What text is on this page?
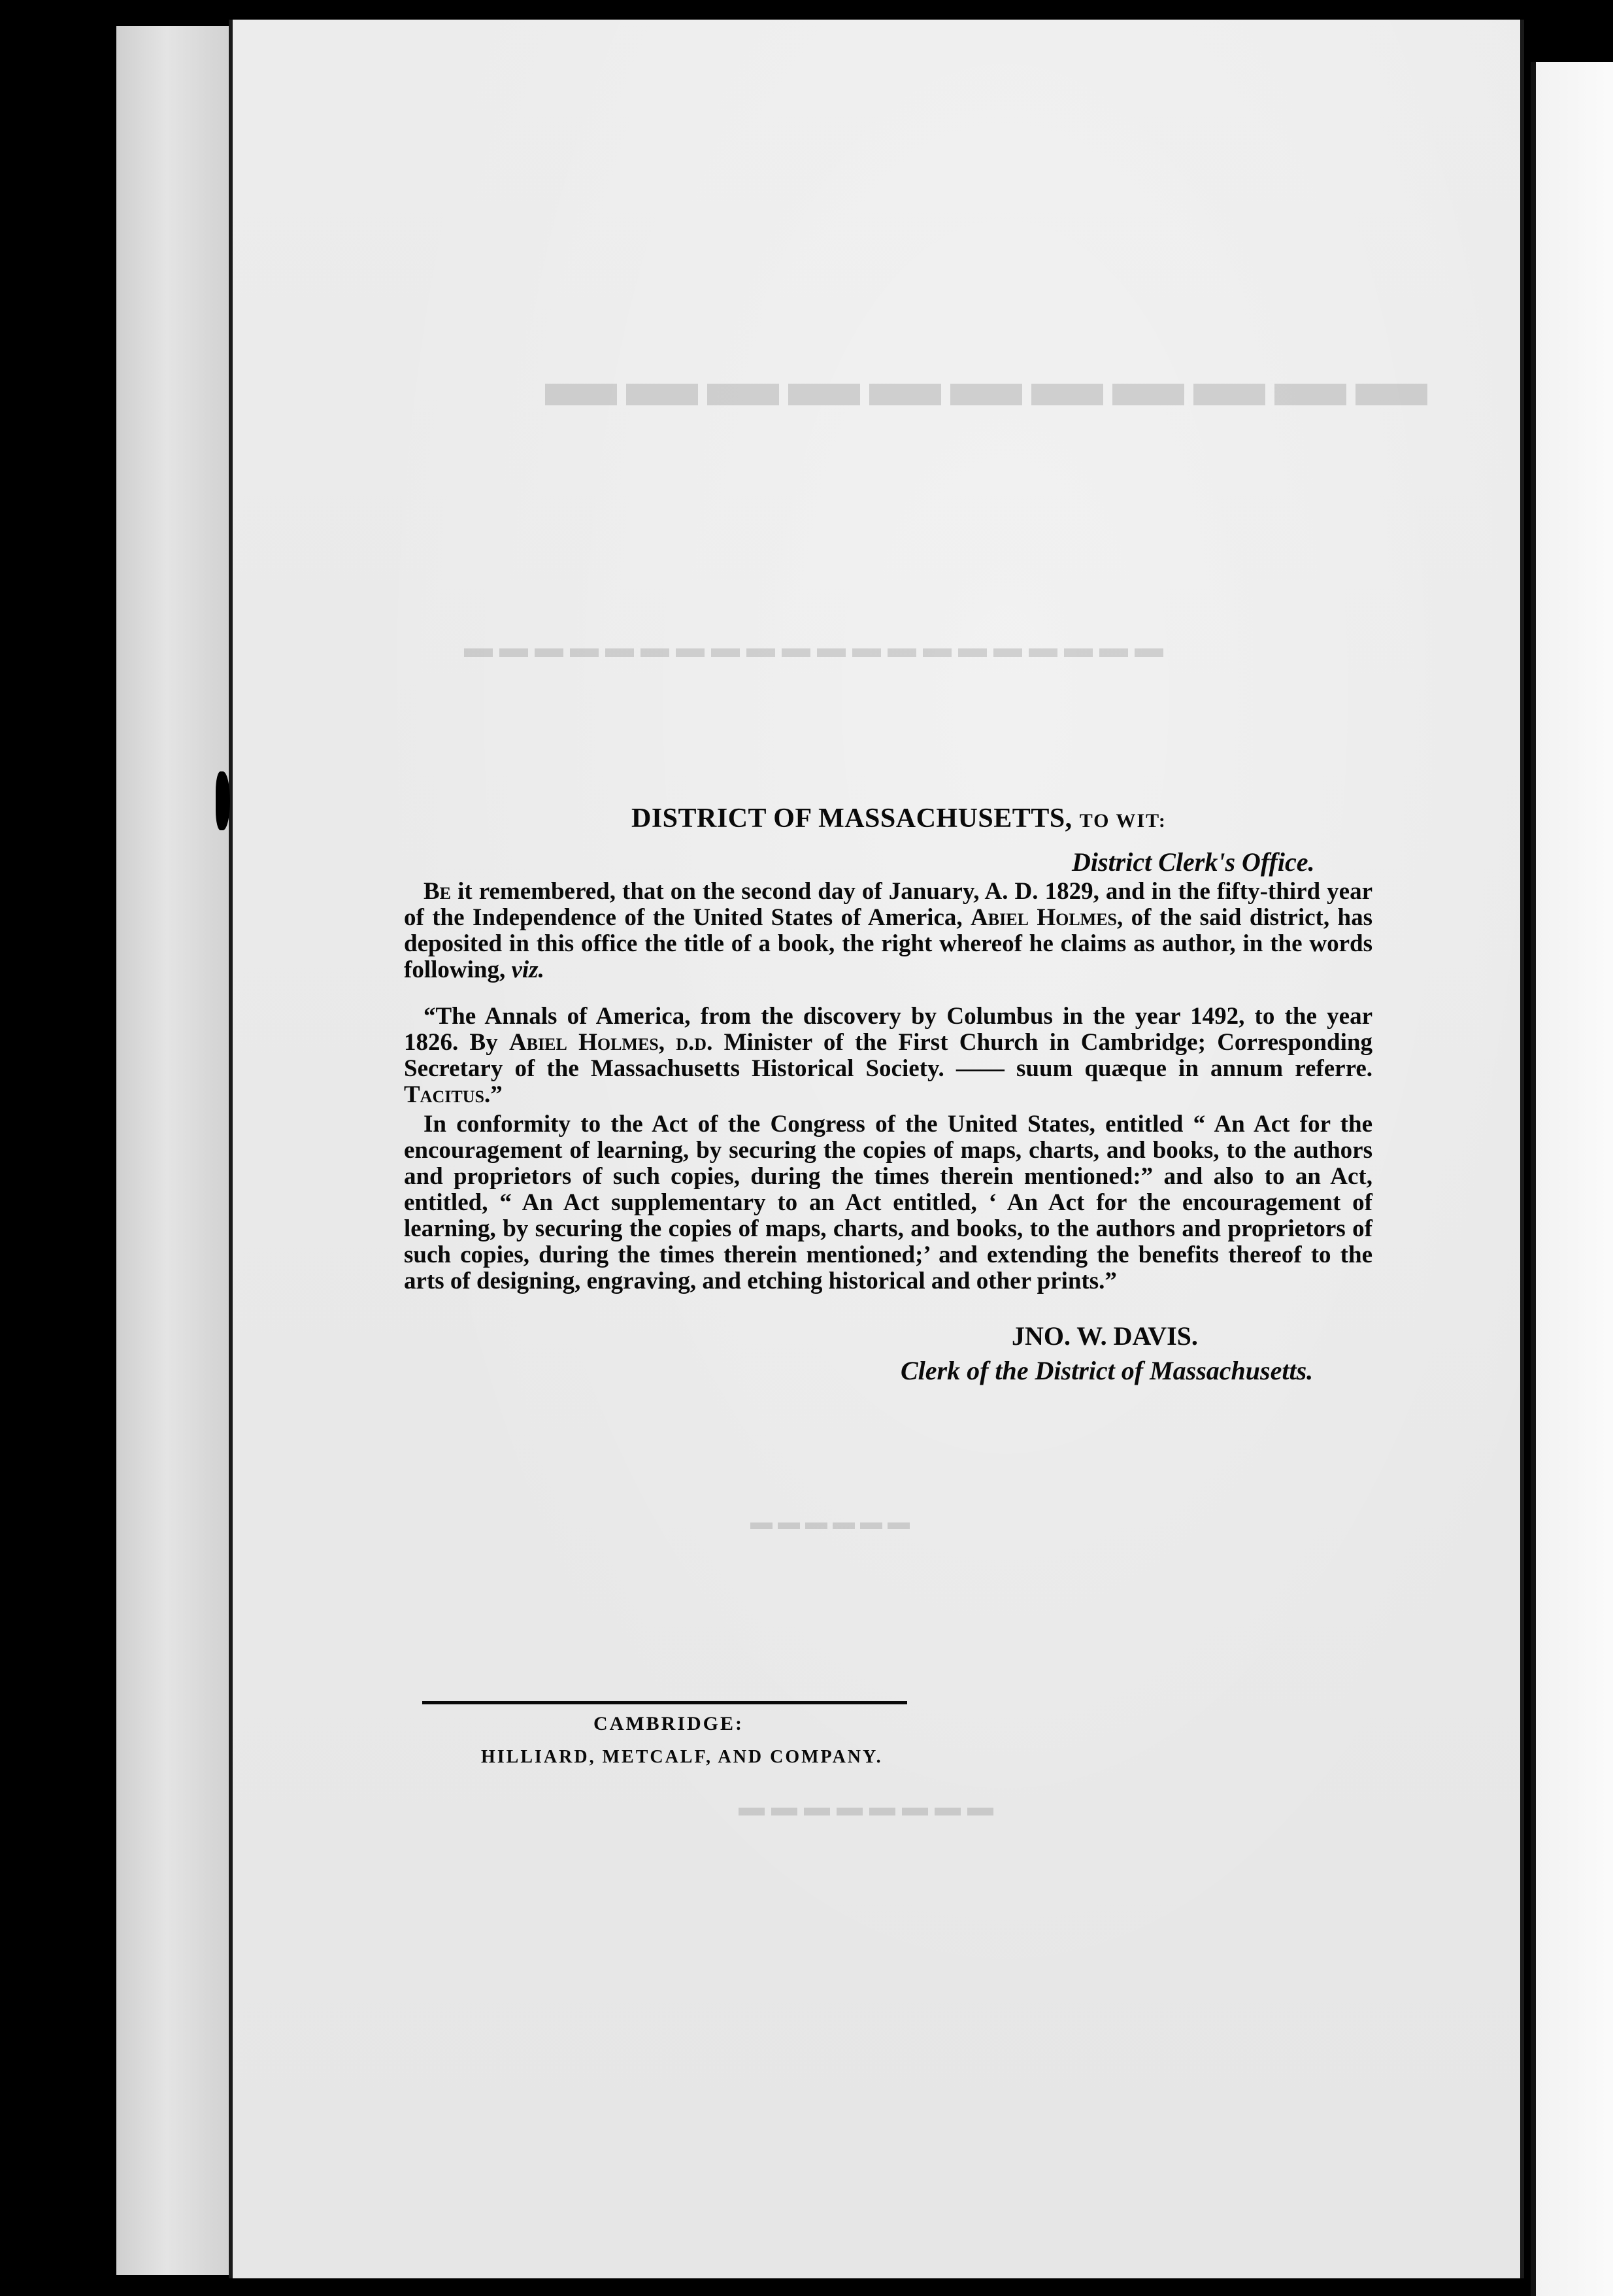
▬▬▬▬▬▬▬▬▬▬▬
▬▬▬▬▬▬▬▬▬▬▬▬▬▬▬▬▬▬▬▬
▬▬▬▬▬▬
▬▬▬▬▬▬▬▬
DISTRICT OF MASSACHUSETTS, TO WIT:
District Clerk's Office.
Be it remembered, that on the second day of January, A. D. 1829, and in the fifty-third year of the Independence of the United States of America, Abiel Holmes, of the said district, has deposited in this office the title of a book, the right whereof he claims as author, in the words following, viz.
“The Annals of America, from the discovery by Columbus in the year 1492, to the year 1826. By Abiel Holmes, d.d. Minister of the First Church in Cambridge; Corresponding Secretary of the Massachusetts Historical Society. —— suum quæque in annum referre. Tacitus.”
In conformity to the Act of the Congress of the United States, entitled “ An Act for the encouragement of learning, by securing the copies of maps, charts, and books, to the authors and proprietors of such copies, during the times therein mentioned:” and also to an Act, entitled, “ An Act supplementary to an Act entitled, ‘ An Act for the encouragement of learning, by securing the copies of maps, charts, and books, to the authors and proprietors of such copies, during the times therein mentioned;’ and extending the benefits thereof to the arts of designing, engraving, and etching historical and other prints.”
JNO. W. DAVIS.
Clerk of the District of Massachusetts.
CAMBRIDGE:
HILLIARD, METCALF, AND COMPANY.
